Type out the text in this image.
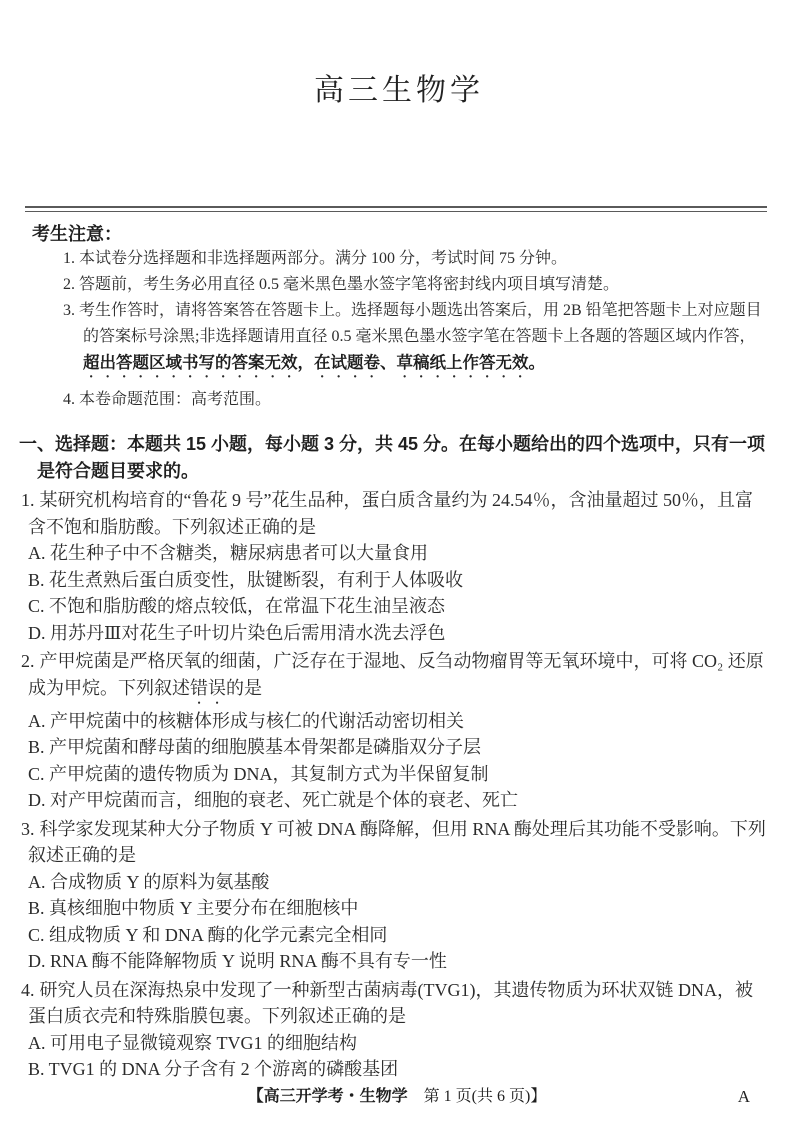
高三生物学
考生注意：

1. 本试卷分选择题和非选择题两部分。满分 100 分，考试时间 75 分钟。

2. 答题前，考生务必用直径 0.5 毫米黑色墨水签字笔将密封线内项目填写清楚。

3. 考生作答时，请将答案答在答题卡上。选择题每小题选出答案后，用 2B 铅笔把答题卡上对应题目的答案标号涂黑;非选择题请用直径 0.5 毫米黑色墨水签字笔在答题卡上各题的答题区域内作答，
超出答题区域书写的答案无效，在试题卷、草稿纸上作答无效。

4. 本卷命题范围：高考范围。

一、选择题：本题共 15 小题，每小题 3 分，共 45 分。在每小题给出的四个选项中，只有一项是符合题目要求的。
1. 某研究机构培育的“鲁花 9 号”花生品种，蛋白质含量约为 24.54％，含油量超过 50％，且富含不饱和脂肪酸。下列叙述正确的是
A. 花生种子中不含糖类，糖尿病患者可以大量食用
B. 花生煮熟后蛋白质变性，肽键断裂，有利于人体吸收
C. 不饱和脂肪酸的熔点较低，在常温下花生油呈液态
D. 用苏丹Ⅲ对花生子叶切片染色后需用清水洗去浮色
2. 产甲烷菌是严格厌氧的细菌，广泛存在于湿地、反刍动物瘤胃等无氧环境中，可将 CO₂ 还原成为甲烷。下列叙述错误的是
A. 产甲烷菌中的核糖体形成与核仁的代谢活动密切相关
B. 产甲烷菌和酵母菌的细胞膜基本骨架都是磷脂双分子层
C. 产甲烷菌的遗传物质为 DNA，其复制方式为半保留复制
D. 对产甲烷菌而言，细胞的衰老、死亡就是个体的衰老、死亡
3. 科学家发现某种大分子物质 Y 可被 DNA 酶降解，但用 RNA 酶处理后其功能不受影响。下列叙述正确的是
A. 合成物质 Y 的原料为氨基酸
B. 真核细胞中物质 Y 主要分布在细胞核中
C. 组成物质 Y 和 DNA 酶的化学元素完全相同
D. RNA 酶不能降解物质 Y 说明 RNA 酶不具有专一性
4. 研究人员在深海热泉中发现了一种新型古菌病毒(TVG1)，其遗传物质为环状双链 DNA，被蛋白质衣壳和特殊脂膜包裹。下列叙述正确的是
A. 可用电子显微镜观察 TVG1 的细胞结构
B. TVG1 的 DNA 分子含有 2 个游离的磷酸基团
【高三开学考・生物学　第 1 页(共 6 页)】	A
